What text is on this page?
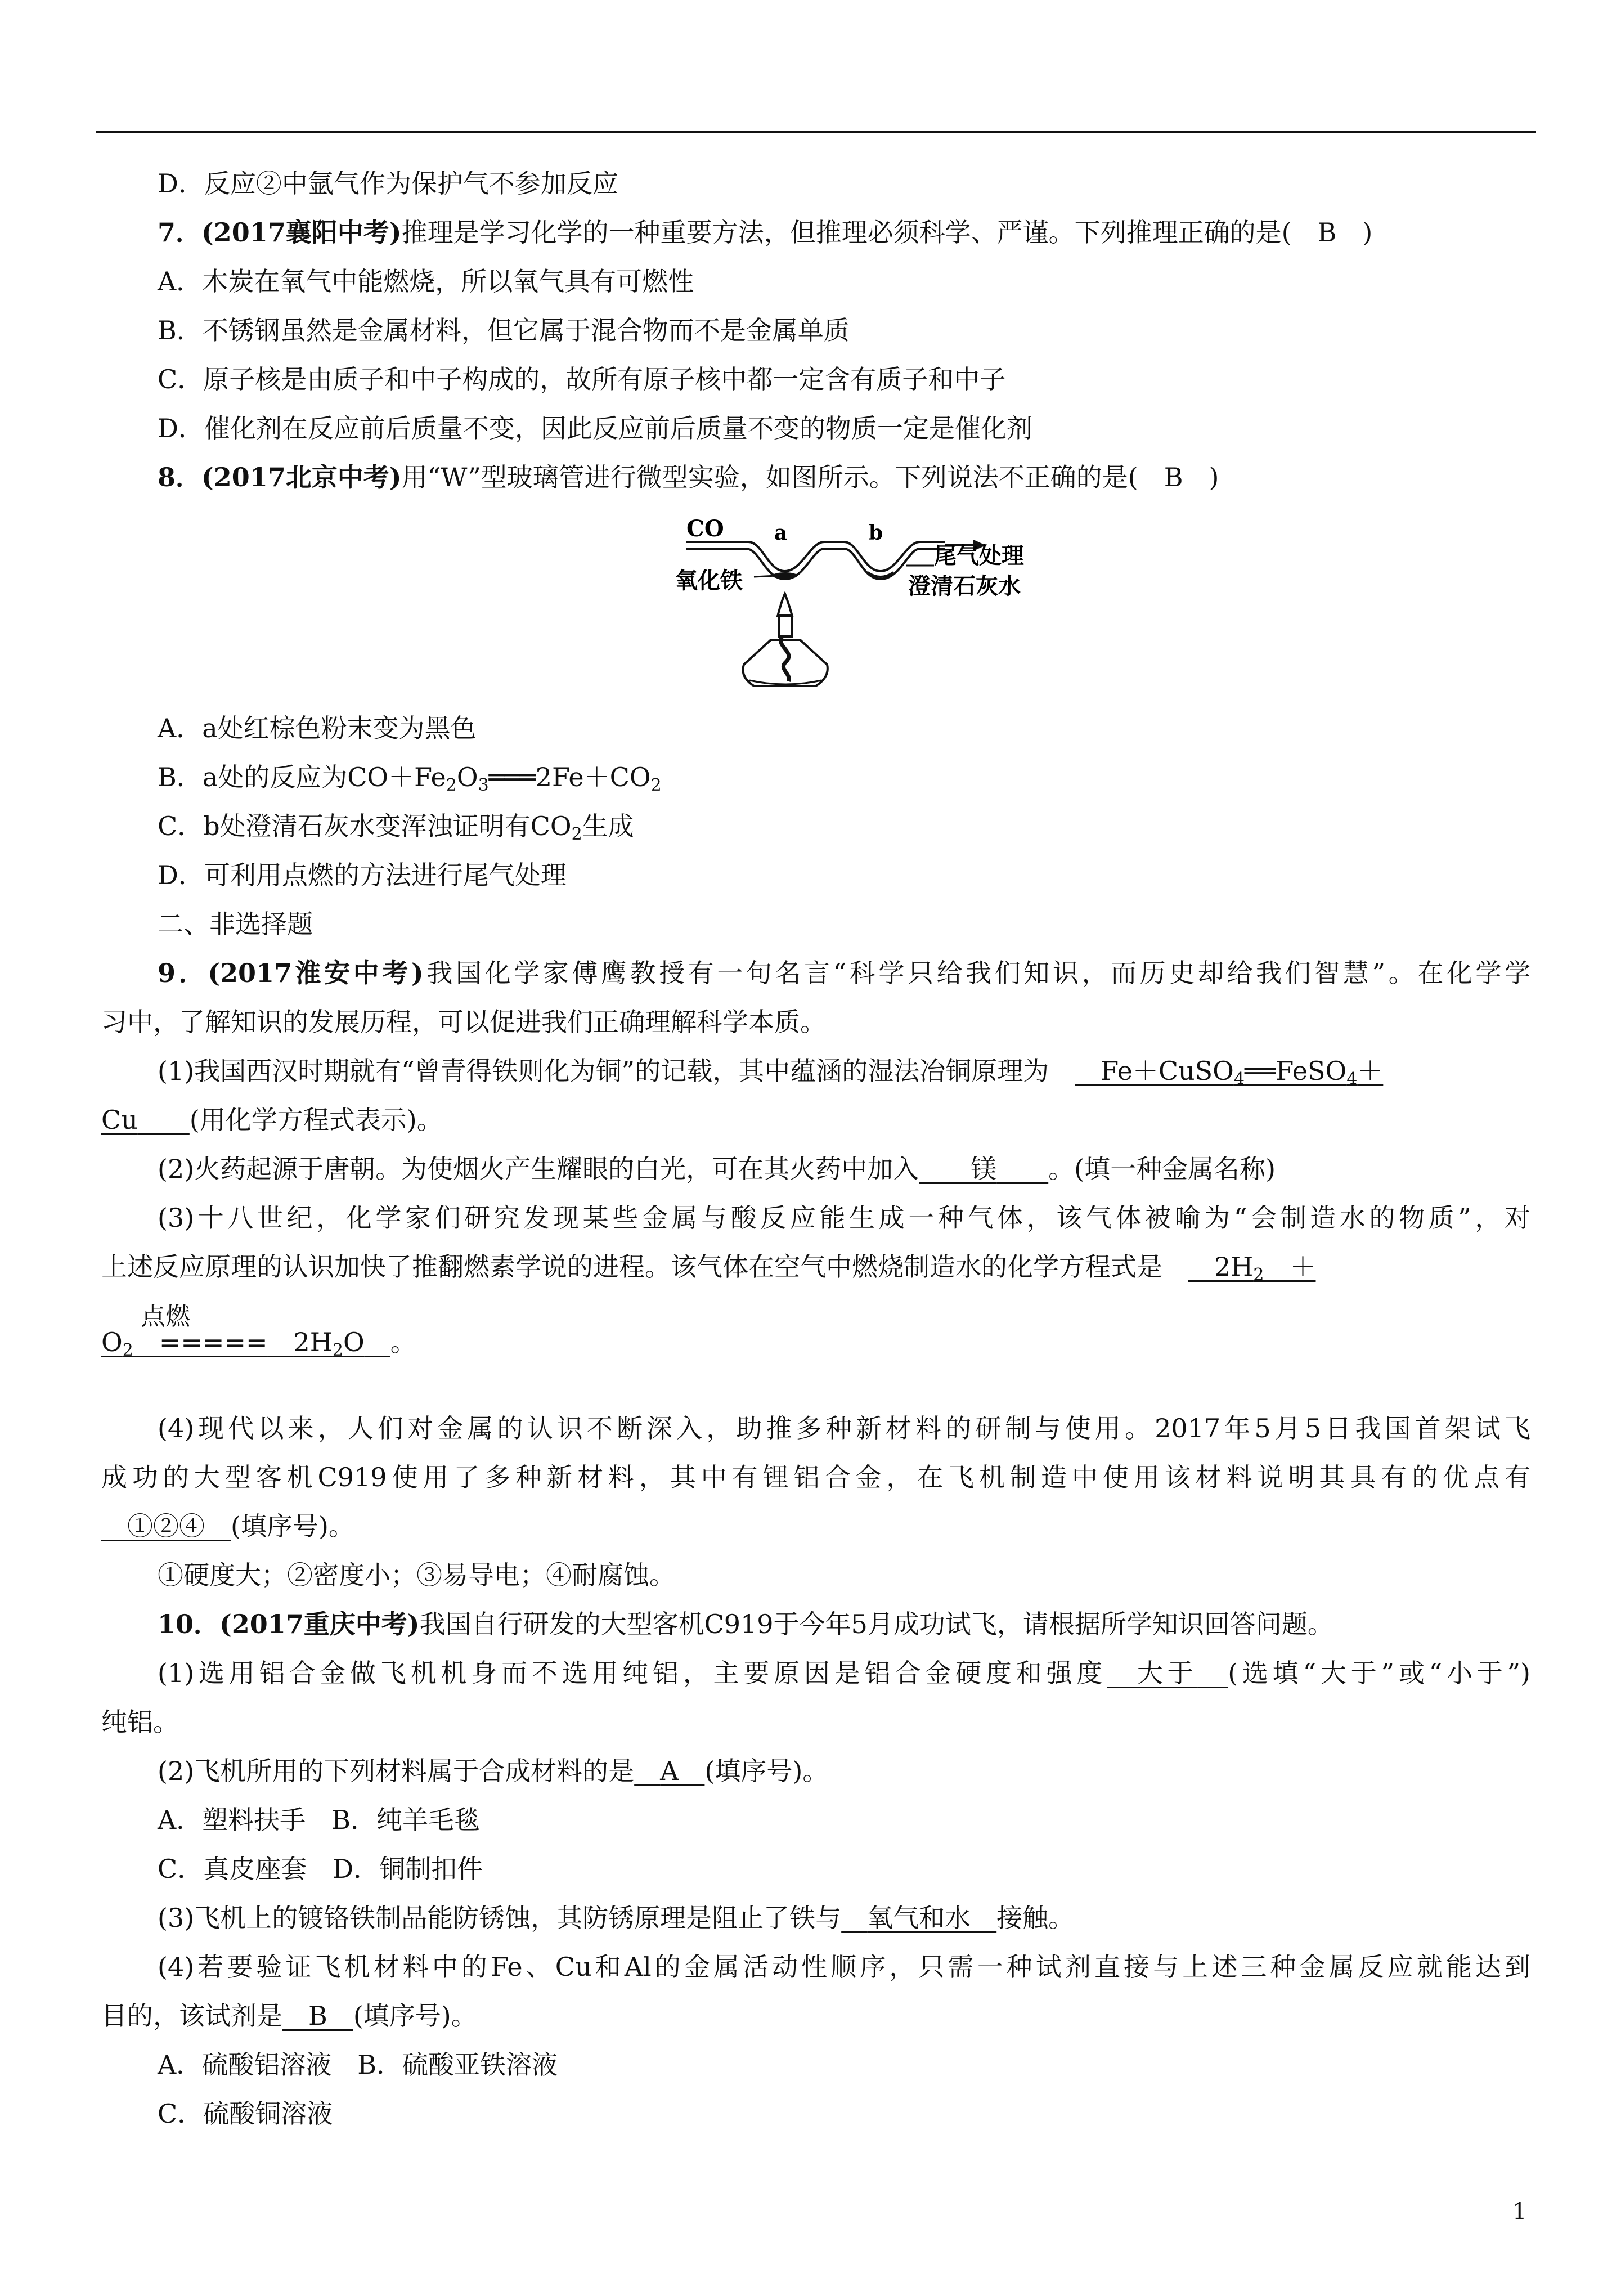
D．反应②中氩气作为保护气不参加反应
7．(2017襄阳中考)推理是学习化学的一种重要方法，但推理必须科学、严谨。下列推理正确的是(　 B　 )
A．木炭在氧气中能燃烧，所以氧气具有可燃性
B．不锈钢虽然是金属材料，但它属于混合物而不是金属单质
C．原子核是由质子和中子构成的，故所有原子核中都一定含有质子和中子
D．催化剂在反应前后质量不变，因此反应前后质量不变的物质一定是催化剂
8．(2017北京中考)用“W”型玻璃管进行微型实验，如图所示。下列说法不正确的是(　 B　 )
CO a	b
氧化铁
尾气处理
澄清石灰水
A．a处红棕色粉末变为黑色
B．a处的反应为$CO+Fe_2O_3═══2Fe+CO_2$
C．b处澄清石灰水变浑浊证明有$CO_2$生成
D．可利用点燃的方法进行尾气处理
二、非选择题
9．(2017淮安中考)我国化学家傅鹰教授有一句名言“科学只给我们知识，而历史却给我们智慧”。在化学学
习中，了解知识的发展历程，可以促进我们正确理解科学本质。
(1)我国西汉时期就有“曾青得铁则化为铜”的记载，其中蕴涵的湿法冶铜原理为　　 Fe＋CuSO$_4$══FeSO$_4$＋
Cu　　 (用化学方程式表示)。
(2)火药起源于唐朝。为使烟火产生耀眼的白光，可在其火药中加入　　 镁　　 。(填一种金属名称)
(3)十八世纪，化学家们研究发现某些金属与酸反应能生成一种气体，该气体被喻为“会制造水的物质”，对
上述反应原理的认识加快了推翻燃素学说的进程。该气体在空气中燃烧制造水的化学方程式是　　 $2H_2$　 ＋
点燃
$O_2$　 =====　 $2H_2O$　 。
(4)现代以来，人们对金属的认识不断深入，助推多种新材料的研制与使用。2017年5月5日我国首架试飞
成功的大型客机C919使用了多种新材料，其中有锂铝合金，在飞机制造中使用该材料说明其具有的优点有
　①②④　 (填序号)。
①硬度大；②密度小；③易导电；④耐腐蚀。
10．(2017重庆中考)我国自行研发的大型客机C919于今年5月成功试飞，请根据所学知识回答问题。
(1)选用铝合金做飞机机身而不选用纯铝，主要原因是铝合金硬度和强度　 大于　 (选填“大于”或“小于”)
纯铝。
(2)飞机所用的下列材料属于合成材料的是　 A　 (填序号)。
A．塑料扶手　B．纯羊毛毯
C．真皮座套　D．铜制扣件
(3)飞机上的镀铬铁制品能防锈蚀，其防锈原理是阻止了铁与　 氧气和水　 接触。
(4)若要验证飞机材料中的Fe、Cu和Al的金属活动性顺序，只需一种试剂直接与上述三种金属反应就能达到
目的，该试剂是　 B　 (填序号)。
A．硫酸铝溶液　B．硫酸亚铁溶液
C．硫酸铜溶液
1
